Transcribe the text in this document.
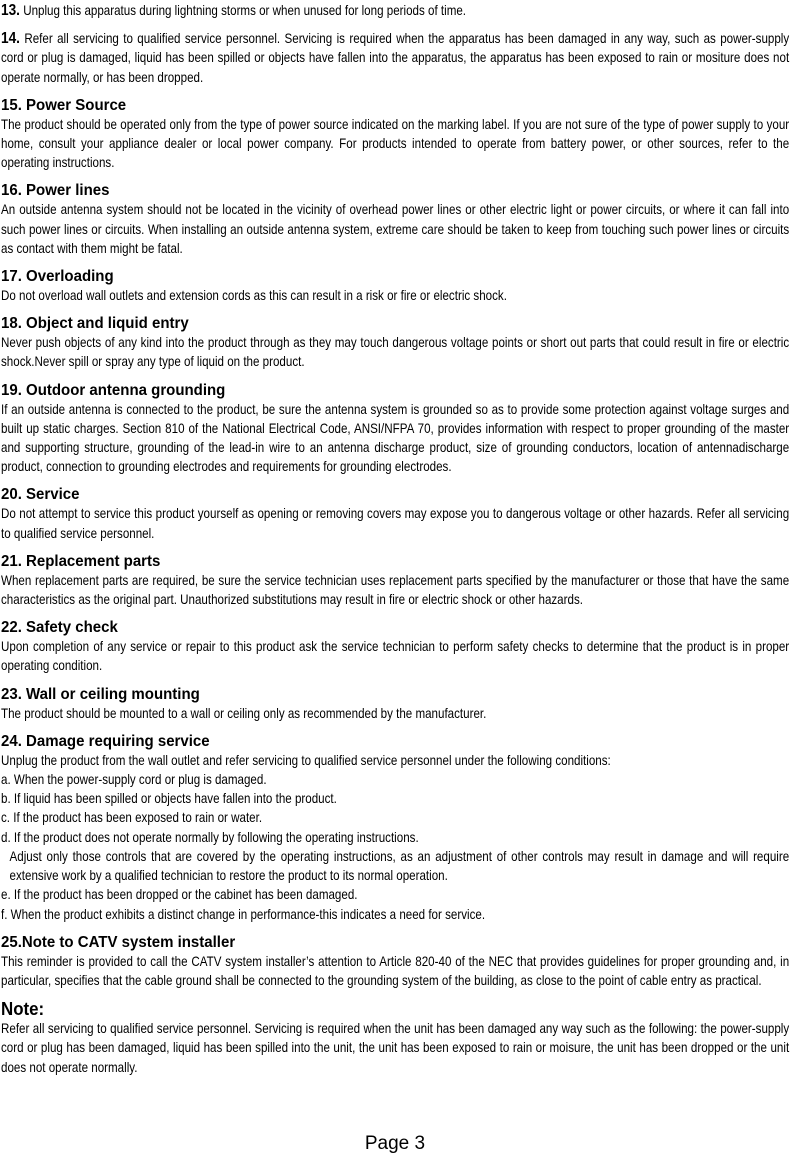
13. Unplug this apparatus during lightning storms or when unused for long periods of time.

14. Refer all servicing to qualified service personnel. Servicing is required when the apparatus has been damaged in any way, such as power-supply cord or plug is damaged, liquid has been spilled or objects have fallen into the apparatus, the apparatus has been exposed to rain or mositure does not operate normally, or has been dropped.

15. Power Source

The product should be operated only from the type of power source indicated on the marking label. If you are not sure of the type of power supply to your home, consult your appliance dealer or local power company. For products intended to operate from battery power, or other sources, refer to the operating instructions.

16. Power lines

An outside antenna system should not be located in the vicinity of overhead power lines or other electric light or power circuits, or where it can fall into such power lines or circuits. When installing an outside antenna system, extreme care should be taken to keep from touching such power lines or circuits as contact with them might be fatal.

17. Overloading

Do not overload wall outlets and extension cords as this can result in a risk or fire or electric shock.

18. Object and liquid entry

Never push objects of any kind into the product through as they may touch dangerous voltage points or short out parts that could result in fire or electric shock.Never spill or spray any type of liquid on the product.

19. Outdoor antenna grounding

If an outside antenna is connected to the product, be sure the antenna system is grounded so as to provide some protection against voltage surges and built up static charges. Section 810 of the National Electrical Code, ANSI/NFPA 70, provides information with respect to proper grounding of the master and supporting structure, grounding of the lead-in wire to an antenna discharge product, size of grounding conductors, location of antennadischarge product, connection to grounding electrodes and requirements for grounding electrodes.

20. Service

Do not attempt to service this product yourself as opening or removing covers may expose you to dangerous voltage or other hazards. Refer all servicing to qualified service personnel.

21. Replacement parts

When replacement parts are required, be sure the service technician uses replacement parts specified by the manufacturer or those that have the same characteristics as the original part. Unauthorized substitutions may result in fire or electric shock or other hazards.

22. Safety check

Upon completion of any service or repair to this product ask the service technician to perform safety checks to determine that the product is in proper operating condition.

23. Wall or ceiling mounting

The product should be mounted to a wall or ceiling only as recommended by the manufacturer.

24. Damage requiring service
Unplug the product from the wall outlet and refer servicing to qualified service personnel under the following conditions:
a. When the power-supply cord or plug is damaged.
b. If liquid has been spilled or objects have fallen into the product.
c. If the product has been exposed to rain or water.
d. If the product does not operate normally by following the operating instructions.
Adjust only those controls that are covered by the operating instructions, as an adjustment of other controls may result in damage and will require extensive work by a qualified technician to restore the product to its normal operation.
e. If the product has been dropped or the cabinet has been damaged.
f. When the product exhibits a distinct change in performance-this indicates a need for service.
25.Note to CATV system installer

This reminder is provided to call the CATV system installer’s attention to Article 820-40 of the NEC that provides guidelines for proper grounding and, in particular, specifies that the cable ground shall be connected to the grounding system of the building, as close to the point of cable entry as practical.

Note:

Refer all servicing to qualified service personnel. Servicing is required when the unit has been damaged any way such as the following: the power-supply cord or plug has been damaged, liquid has been spilled into the unit, the unit has been exposed to rain or moisure, the unit has been dropped or the unit does not operate normally.

Page 3
